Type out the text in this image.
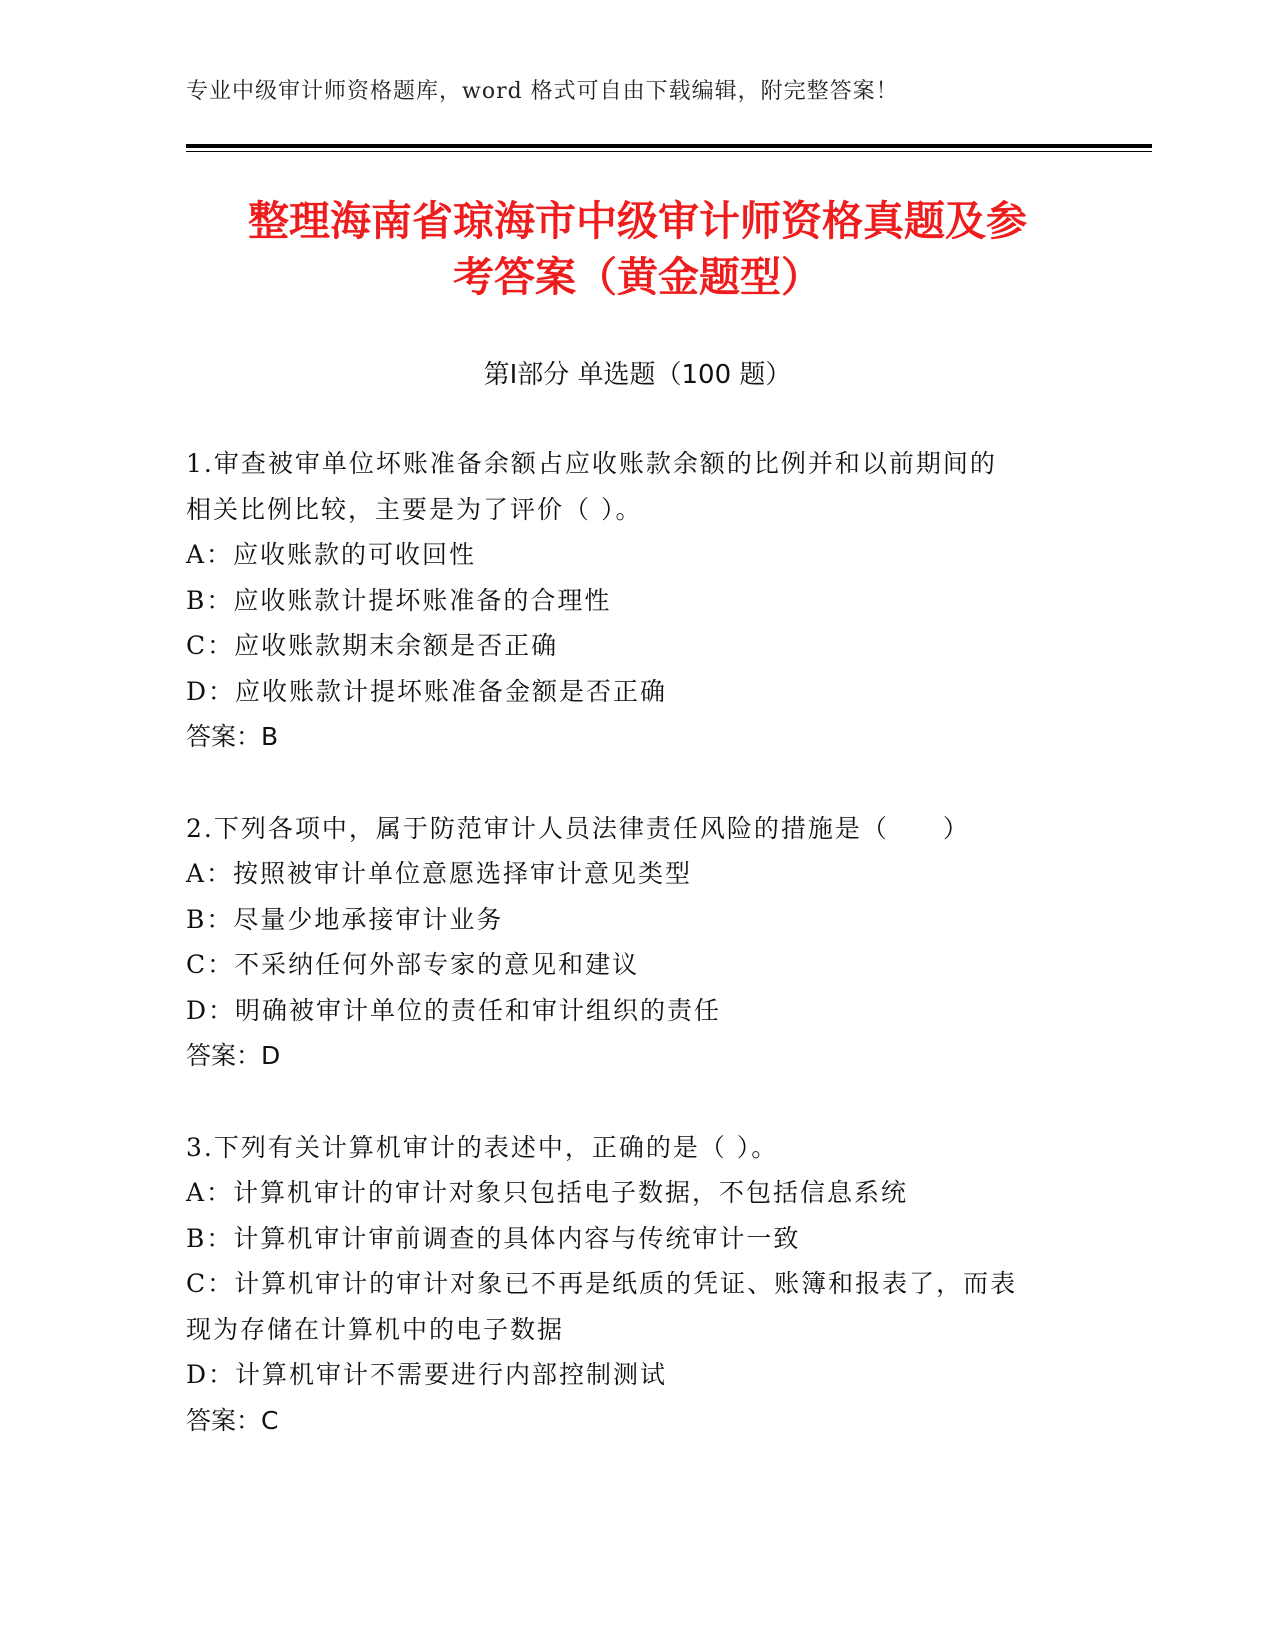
专业中级审计师资格题库，word 格式可自由下载编辑，附完整答案！
整理海南省琼海市中级审计师资格真题及参
考答案（黄金题型）
第Ⅰ部分 单选题（100 题）
1.审查被审单位坏账准备余额占应收账款余额的比例并和以前期间的
相关比例比较，主要是为了评价（ ）。
A：应收账款的可收回性
B：应收账款计提坏账准备的合理性
C：应收账款期末余额是否正确
D：应收账款计提坏账准备金额是否正确
答案：B
2.下列各项中，属于防范审计人员法律责任风险的措施是（　　）
A：按照被审计单位意愿选择审计意见类型
B：尽量少地承接审计业务
C：不采纳任何外部专家的意见和建议
D：明确被审计单位的责任和审计组织的责任
答案：D
3.下列有关计算机审计的表述中，正确的是（ ）。
A：计算机审计的审计对象只包括电子数据，不包括信息系统
B：计算机审计审前调查的具体内容与传统审计一致
C：计算机审计的审计对象已不再是纸质的凭证、账簿和报表了，而表
现为存储在计算机中的电子数据
D：计算机审计不需要进行内部控制测试
答案：C
